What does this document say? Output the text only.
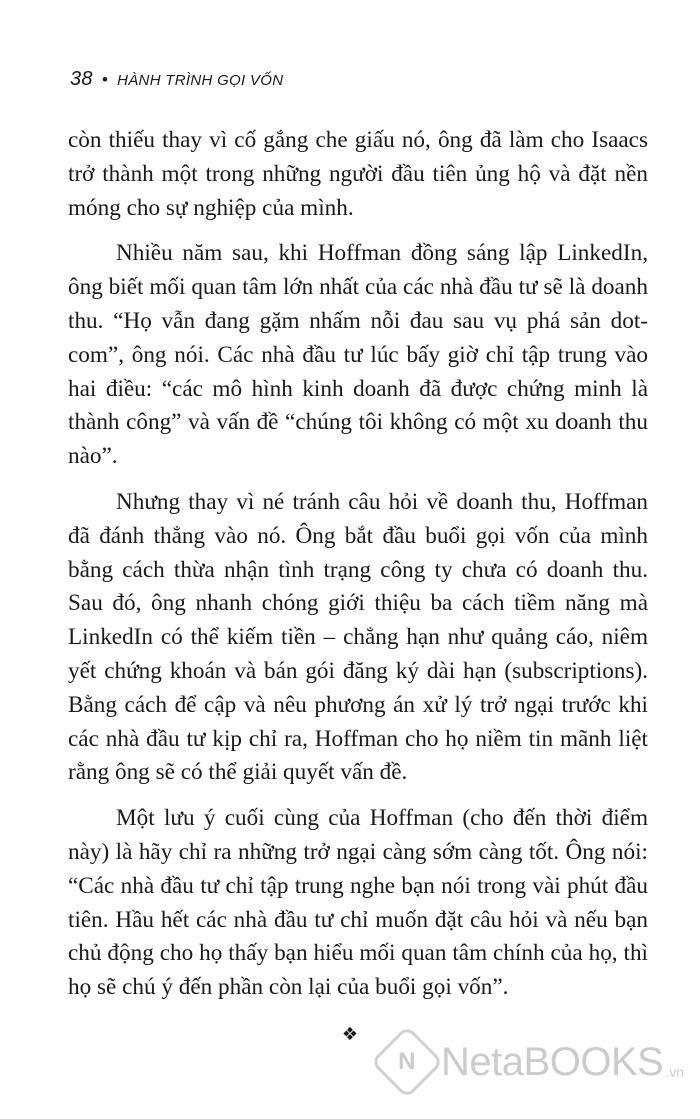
38 • HÀNH TRÌNH GỌI VỐN

còn thiếu thay vì cố gắng che giấu nó, ông đã làm cho Isaacs trở thành một trong những người đầu tiên ủng hộ và đặt nền móng cho sự nghiệp của mình.

Nhiều năm sau, khi Hoffman đồng sáng lập LinkedIn, ông biết mối quan tâm lớn nhất của các nhà đầu tư sẽ là doanh thu. “Họ vẫn đang gặm nhấm nỗi đau sau vụ phá sản dot-com”, ông nói. Các nhà đầu tư lúc bấy giờ chỉ tập trung vào hai điều: “các mô hình kinh doanh đã được chứng minh là thành công” và vấn đề “chúng tôi không có một xu doanh thu nào”.

Nhưng thay vì né tránh câu hỏi về doanh thu, Hoffman đã đánh thẳng vào nó. Ông bắt đầu buổi gọi vốn của mình bằng cách thừa nhận tình trạng công ty chưa có doanh thu. Sau đó, ông nhanh chóng giới thiệu ba cách tiềm năng mà LinkedIn có thể kiếm tiền – chẳng hạn như quảng cáo, niêm yết chứng khoán và bán gói đăng ký dài hạn (subscriptions). Bằng cách để cập và nêu phương án xử lý trở ngại trước khi các nhà đầu tư kịp chỉ ra, Hoffman cho họ niềm tin mãnh liệt rằng ông sẽ có thể giải quyết vấn đề.

Một lưu ý cuối cùng của Hoffman (cho đến thời điểm này) là hãy chỉ ra những trở ngại càng sớm càng tốt. Ông nói: “Các nhà đầu tư chỉ tập trung nghe bạn nói trong vài phút đầu tiên. Hầu hết các nhà đầu tư chỉ muốn đặt câu hỏi và nếu bạn chủ động cho họ thấy bạn hiểu mối quan tâm chính của họ, thì họ sẽ chú ý đến phần còn lại của buổi gọi vốn”.

❖
N NetaBOOKS .vn
